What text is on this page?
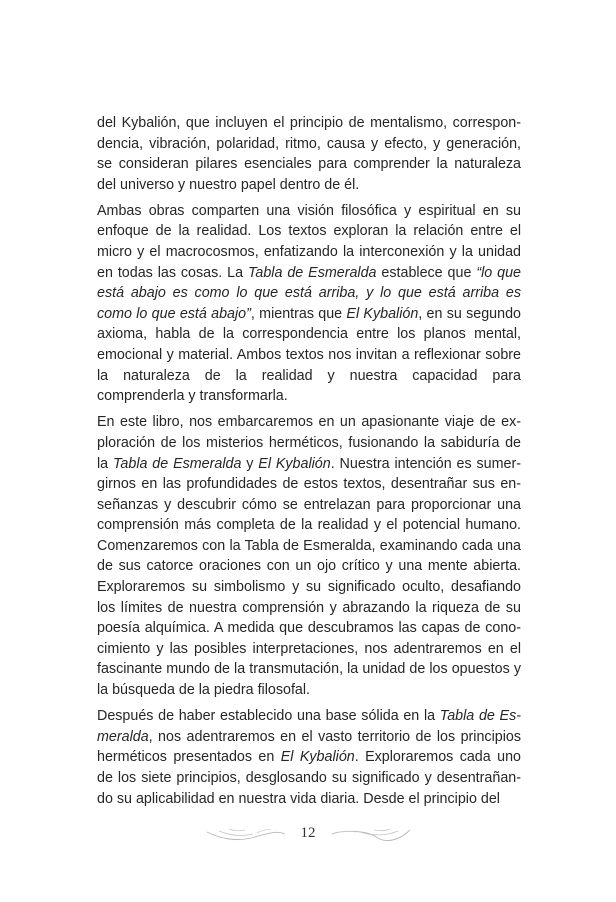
del Kybalión, que incluyen el principio de mentalismo, correspondencia, vibración, polaridad, ritmo, causa y efecto, y generación, se consideran pilares esenciales para comprender la naturaleza del universo y nuestro papel dentro de él.

Ambas obras comparten una visión filosófica y espiritual en su enfoque de la realidad. Los textos exploran la relación entre el micro y el macrocosmos, enfatizando la interconexión y la unidad en todas las cosas. La Tabla de Esmeralda establece que “lo que está abajo es como lo que está arriba, y lo que está arriba es como lo que está abajo”, mientras que El Kybalión, en su segundo axioma, habla de la correspondencia entre los planos mental, emocional y material. Ambos textos nos invitan a reflexionar sobre la naturaleza de la realidad y nuestra capacidad para comprenderla y transformarla.

En este libro, nos embarcaremos en un apasionante viaje de exploración de los misterios herméticos, fusionando la sabiduría de la Tabla de Esmeralda y El Kybalión. Nuestra intención es sumergirnos en las profundidades de estos textos, desentrañar sus enseñanzas y descubrir cómo se entrelazan para proporcionar una comprensión más completa de la realidad y el potencial humano. Comenzaremos con la Tabla de Esmeralda, examinando cada una de sus catorce oraciones con un ojo crítico y una mente abierta. Exploraremos su simbolismo y su significado oculto, desafiando los límites de nuestra comprensión y abrazando la riqueza de su poesía alquímica. A medida que descubramos las capas de conocimiento y las posibles interpretaciones, nos adentraremos en el fascinante mundo de la transmutación, la unidad de los opuestos y la búsqueda de la piedra filosofal.

Después de haber establecido una base sólida en la Tabla de Esmeralda, nos adentraremos en el vasto territorio de los principios herméticos presentados en El Kybalión. Exploraremos cada uno de los siete principios, desglosando su significado y desentrañando su aplicabilidad en nuestra vida diaria. Desde el principio del

12
